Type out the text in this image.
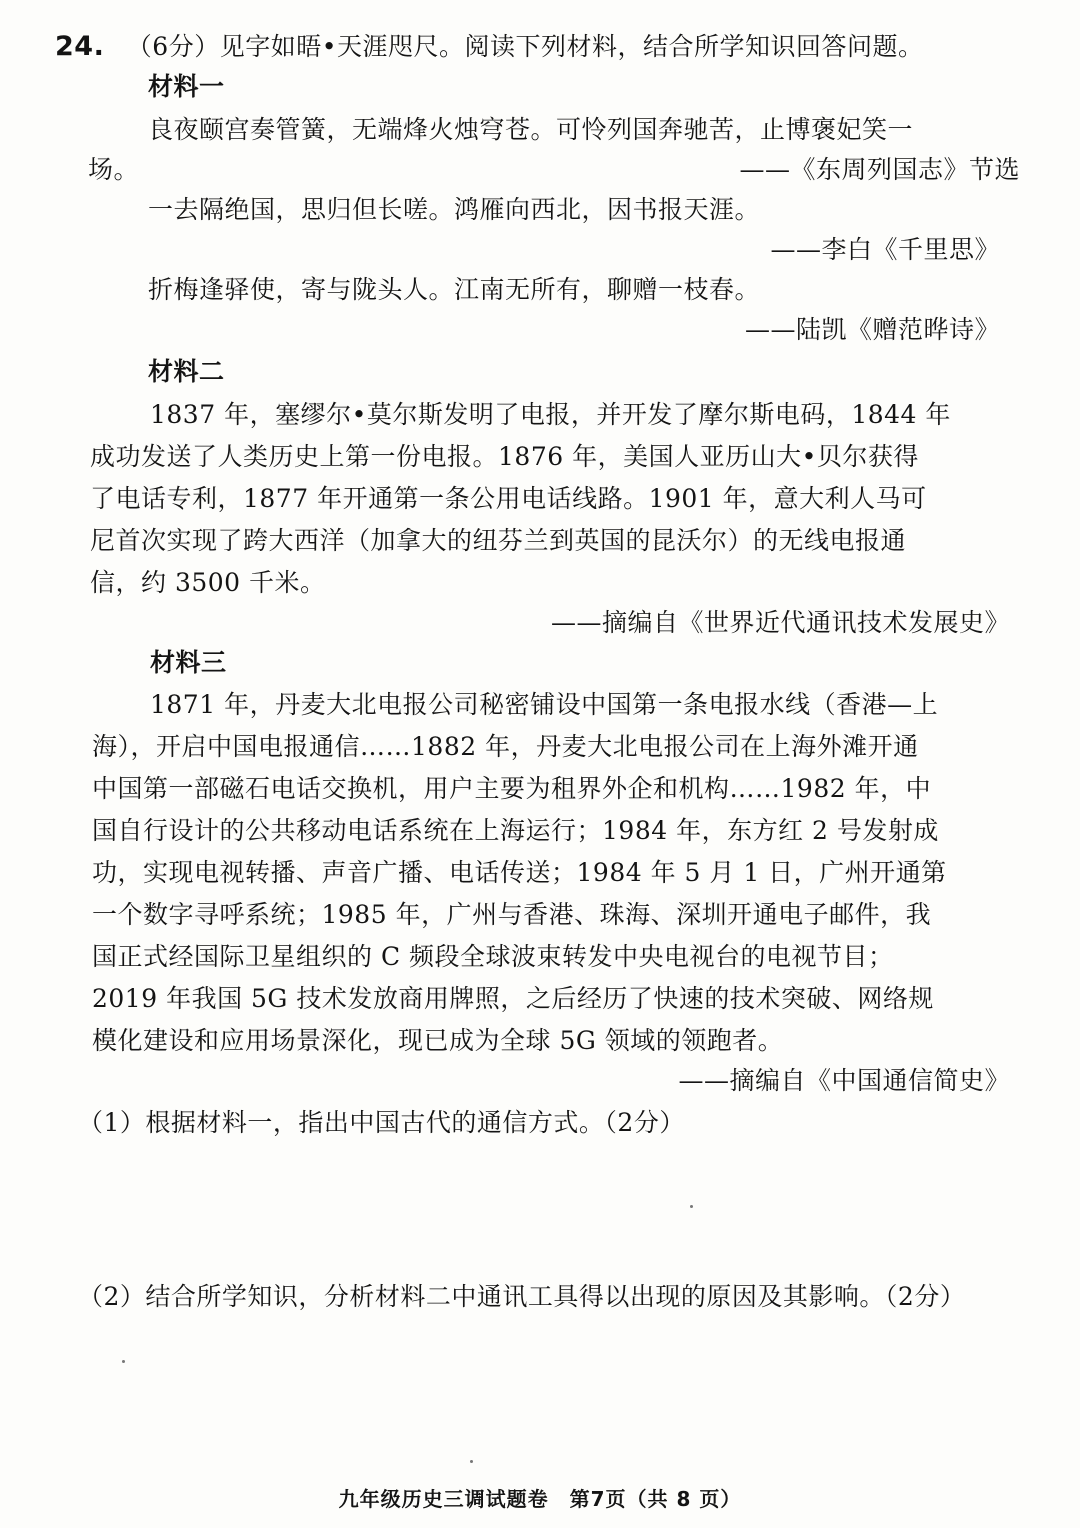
24. （6分）见字如晤•天涯咫尺。阅读下列材料，结合所学知识回答问题。
材料一
良夜颐宫奏管簧，无端烽火烛穹苍。可怜列国奔驰苦，止博褒妃笑一
场。	——《东周列国志》节选
一去隔绝国，思归但长嗟。鸿雁向西北，因书报天涯。
——李白《千里思》
折梅逢驿使，寄与陇头人。江南无所有，聊赠一枝春。
——陆凯《赠范晔诗》
材料二
1837 年，塞缪尔•莫尔斯发明了电报，并开发了摩尔斯电码，1844 年
成功发送了人类历史上第一份电报。1876 年，美国人亚历山大•贝尔获得
了电话专利，1877 年开通第一条公用电话线路。1901 年，意大利人马可
尼首次实现了跨大西洋（加拿大的纽芬兰到英国的昆沃尔）的无线电报通
信，约 3500 千米。
——摘编自《世界近代通讯技术发展史》
材料三
1871 年，丹麦大北电报公司秘密铺设中国第一条电报水线（香港—上
海），开启中国电报通信……1882 年，丹麦大北电报公司在上海外滩开通
中国第一部磁石电话交换机，用户主要为租界外企和机构……1982 年，中
国自行设计的公共移动电话系统在上海运行；1984 年，东方红 2 号发射成
功，实现电视转播、声音广播、电话传送；1984 年 5 月 1 日，广州开通第
一个数字寻呼系统；1985 年，广州与香港、珠海、深圳开通电子邮件，我
国正式经国际卫星组织的 C 频段全球波束转发中央电视台的电视节目；
2019 年我国 5G 技术发放商用牌照，之后经历了快速的技术突破、网络规
模化建设和应用场景深化，现已成为全球 5G 领域的领跑者。
——摘编自《中国通信简史》
（1）根据材料一，指出中国古代的通信方式。（2分）
（2）结合所学知识，分析材料二中通讯工具得以出现的原因及其影响。（2分）
九年级历史三调试题卷　第7页（共 8 页）
